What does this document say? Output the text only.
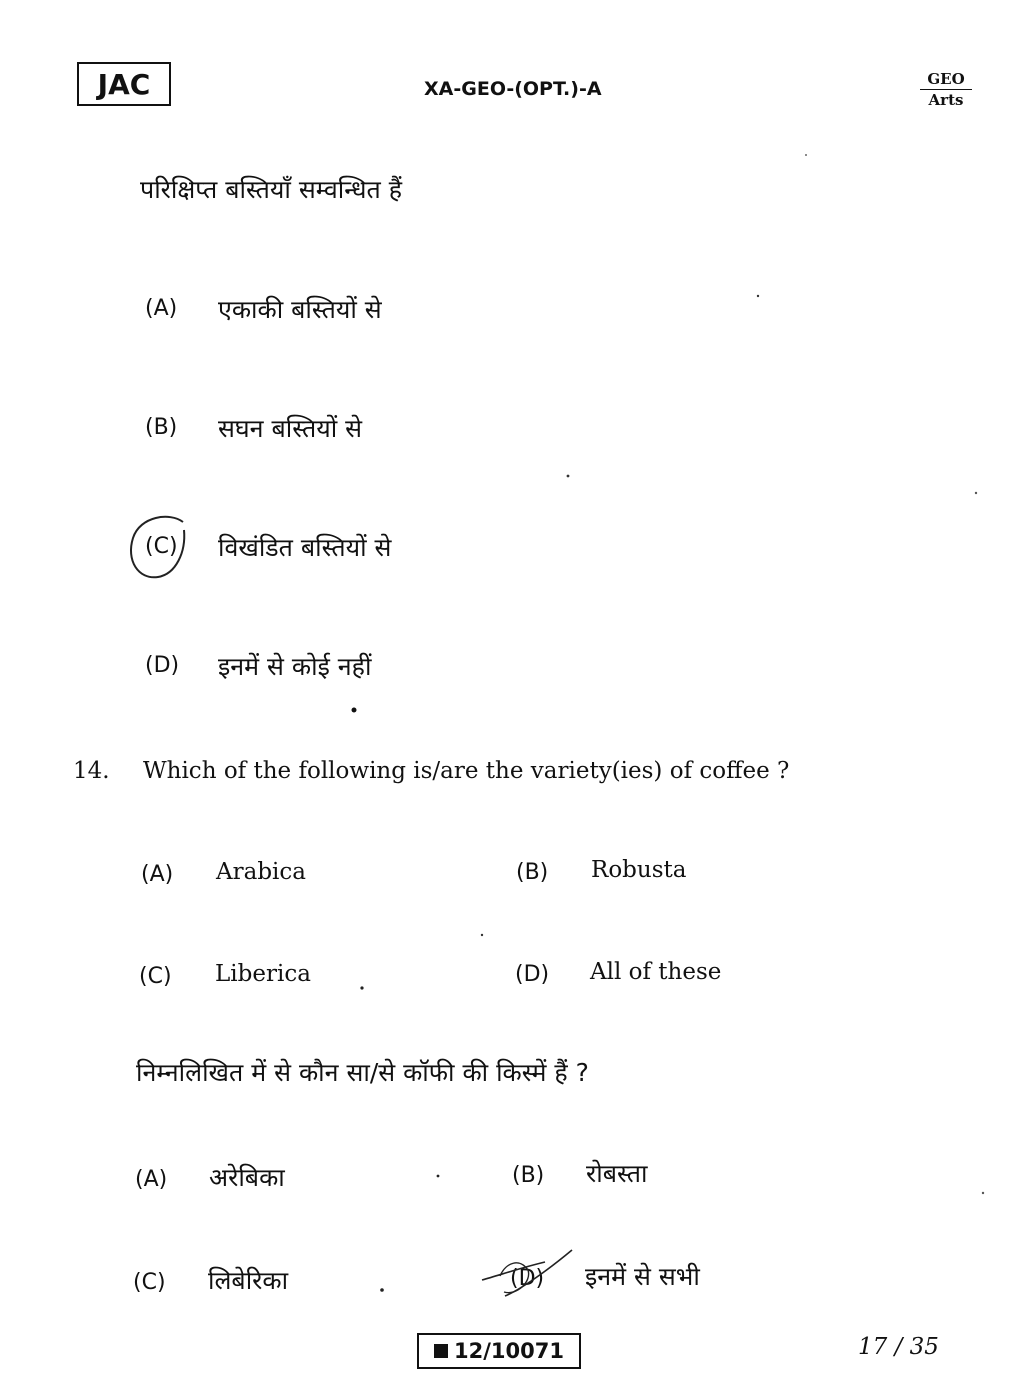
JAC	XA-GEO-(OPT.)-A	GEO
Arts
परिक्षिप्त बस्तियाँ सम्वन्धित हैं
(A) एकाकी बस्तियों से
(B) सघन बस्तियों से
(C) विखंडित बस्तियों से
(D) इनमें से कोई नहीं
14. Which of the following is/are the variety(ies) of coffee ?
(A) Arabica	(B) Robusta
(C) Liberica	(D) All of these
निम्नलिखित में से कौन सा/से कॉफी की किस्में हैं ?
(A) अरेबिका	(B) रोबस्ता
(C) लिबेरिका	(D) इनमें से सभी
12/10071	17 / 35
